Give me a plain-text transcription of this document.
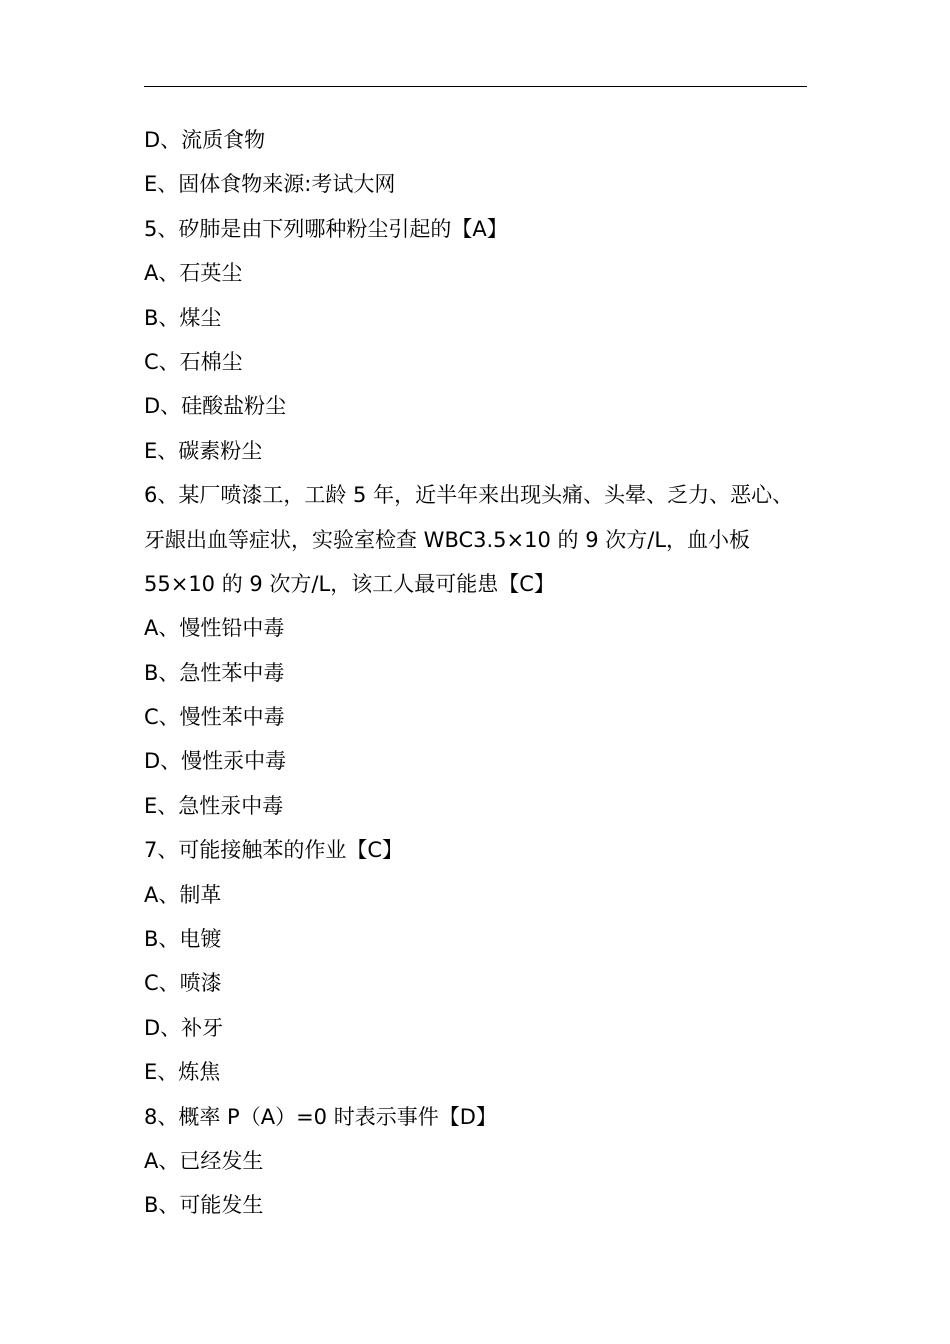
D、流质食物
E、固体食物来源:考试大网
5、矽肺是由下列哪种粉尘引起的【A】
A、石英尘
B、煤尘
C、石棉尘
D、硅酸盐粉尘
E、碳素粉尘
6、某厂喷漆工，工龄 5 年，近半年来出现头痛、头晕、乏力、恶心、
牙龈出血等症状，实验室检查 WBC3.5×10 的 9 次方/L，血小板
55×10 的 9 次方/L，该工人最可能患【C】
A、慢性铅中毒
B、急性苯中毒
C、慢性苯中毒
D、慢性汞中毒
E、急性汞中毒
7、可能接触苯的作业【C】
A、制革
B、电镀
C、喷漆
D、补牙
E、炼焦
8、概率 P（A）=0 时表示事件【D】
A、已经发生
B、可能发生
